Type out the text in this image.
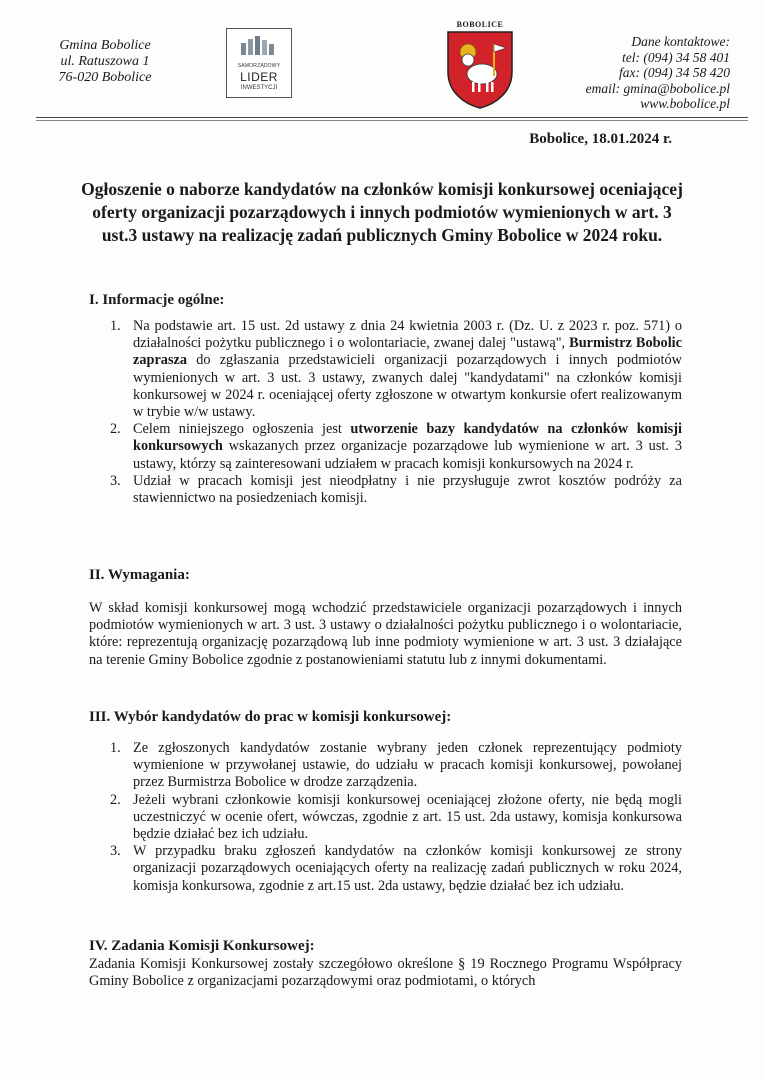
Gmina Bobolice
ul. Ratuszowa 1
76-020 Bobolice
SAMORZĄDOWY
LIDER
INWESTYCJI
BOBOLICE
Dane kontaktowe:
tel: (094) 34 58 401
fax: (094) 34 58 420
email: gmina@bobolice.pl
www.bobolice.pl
Bobolice, 18.01.2024 r.
Ogłoszenie o naborze kandydatów na członków komisji konkursowej oceniającej oferty organizacji pozarządowych i innych podmiotów wymienionych w art. 3 ust.3 ustawy na realizację zadań publicznych Gminy Bobolice w 2024 roku.
I. Informacje ogólne:
1. Na podstawie art. 15 ust. 2d ustawy z dnia 24 kwietnia 2003 r. (Dz. U. z 2023 r. poz. 571) o działalności pożytku publicznego i o wolontariacie, zwanej dalej "ustawą", Burmistrz Bobolic zaprasza do zgłaszania przedstawicieli organizacji pozarządowych i innych podmiotów wymienionych w art. 3 ust. 3 ustawy, zwanych dalej "kandydatami" na członków komisji konkursowej w 2024 r. oceniającej oferty zgłoszone w otwartym konkursie ofert realizowanym w trybie w/w ustawy.
2. Celem niniejszego ogłoszenia jest utworzenie bazy kandydatów na członków komisji konkursowych wskazanych przez organizacje pozarządowe lub wymienione w art. 3 ust. 3 ustawy, którzy są zainteresowani udziałem w pracach komisji konkursowych na 2024 r.
3. Udział w pracach komisji jest nieodpłatny i nie przysługuje zwrot kosztów podróży za stawiennictwo na posiedzeniach komisji.
II. Wymagania:
W skład komisji konkursowej mogą wchodzić przedstawiciele organizacji pozarządowych i innych podmiotów wymienionych w art. 3 ust. 3 ustawy o działalności pożytku publicznego i o wolontariacie, które: reprezentują organizację pozarządową lub inne podmioty wymienione w art. 3 ust. 3 działające na terenie Gminy Bobolice zgodnie z postanowieniami statutu lub z innymi dokumentami.
III. Wybór kandydatów do prac w komisji konkursowej:
1. Ze zgłoszonych kandydatów zostanie wybrany jeden członek reprezentujący podmioty wymienione w przywołanej ustawie, do udziału w pracach komisji konkursowej, powołanej przez Burmistrza Bobolice w drodze zarządzenia.
2. Jeżeli wybrani członkowie komisji konkursowej oceniającej złożone oferty, nie będą mogli uczestniczyć w ocenie ofert, wówczas, zgodnie z art. 15 ust. 2da ustawy, komisja konkursowa będzie działać bez ich udziału.
3. W przypadku braku zgłoszeń kandydatów na członków komisji konkursowej ze strony organizacji pozarządowych oceniających oferty na realizację zadań publicznych w roku 2024, komisja konkursowa, zgodnie z art.15 ust. 2da ustawy, będzie działać bez ich udziału.
IV. Zadania Komisji Konkursowej:
Zadania Komisji Konkursowej zostały szczegółowo określone § 19 Rocznego Programu Współpracy Gminy Bobolice z organizacjami pozarządowymi oraz podmiotami, o których
